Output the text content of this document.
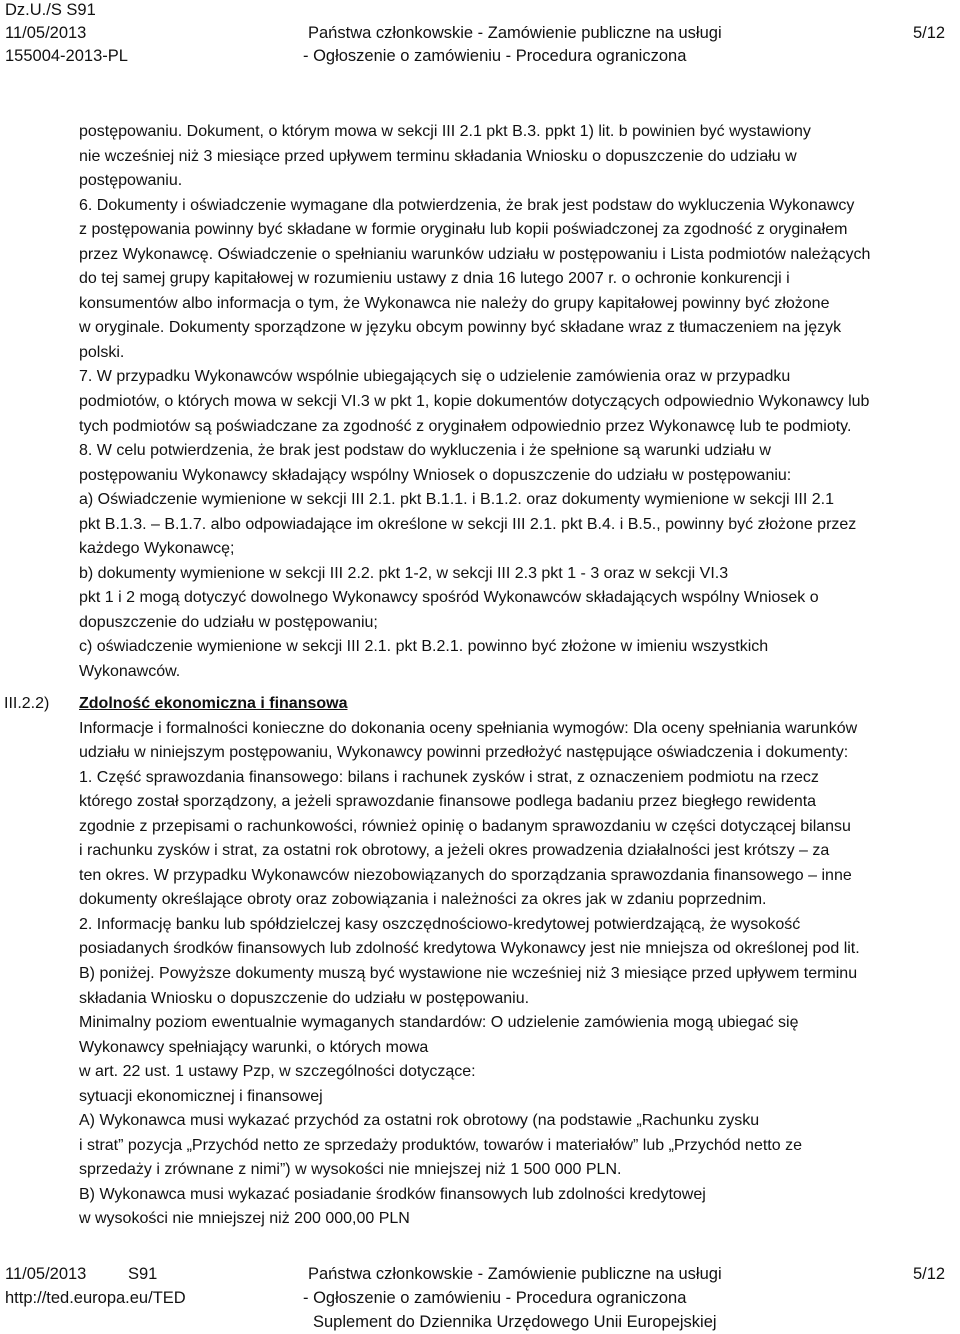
Dz.U./S S91
11/05/2013
155004-2013-PL
Państwa członkowskie - Zamówienie publiczne na usługi
- Ogłoszenie o zamówieniu - Procedura ograniczona
5/12

postępowaniu. Dokument, o którym mowa w sekcji III 2.1 pkt B.3. ppkt 1) lit. b powinien być wystawiony

nie wcześniej niż 3 miesiące przed upływem terminu składania Wniosku o dopuszczenie do udziału w

postępowaniu.

6. Dokumenty i oświadczenie wymagane dla potwierdzenia, że brak jest podstaw do wykluczenia Wykonawcy

z postępowania powinny być składane w formie oryginału lub kopii poświadczonej za zgodność z oryginałem

przez Wykonawcę. Oświadczenie o spełnianiu warunków udziału w postępowaniu i Lista podmiotów należących

do tej samej grupy kapitałowej w rozumieniu ustawy z dnia 16 lutego 2007 r. o ochronie konkurencji i

konsumentów albo informacja o tym, że Wykonawca nie należy do grupy kapitałowej powinny być złożone

w oryginale. Dokumenty sporządzone w języku obcym powinny być składane wraz z tłumaczeniem na język

polski.

7. W przypadku Wykonawców wspólnie ubiegających się o udzielenie zamówienia oraz w przypadku

podmiotów, o których mowa w sekcji VI.3 w pkt 1, kopie dokumentów dotyczących odpowiednio Wykonawcy lub

tych podmiotów są poświadczane za zgodność z oryginałem odpowiednio przez Wykonawcę lub te podmioty.

8. W celu potwierdzenia, że brak jest podstaw do wykluczenia i że spełnione są warunki udziału w

postępowaniu Wykonawcy składający wspólny Wniosek o dopuszczenie do udziału w postępowaniu:

a) Oświadczenie wymienione w sekcji III 2.1. pkt B.1.1. i B.1.2. oraz dokumenty wymienione w sekcji III 2.1

pkt B.1.3. – B.1.7. albo odpowiadające im określone w sekcji III 2.1. pkt B.4. i B.5., powinny być złożone przez

każdego Wykonawcę;

b) dokumenty wymienione w sekcji III 2.2. pkt 1-2, w sekcji III 2.3 pkt 1 - 3 oraz w sekcji VI.3

pkt 1 i 2 mogą dotyczyć dowolnego Wykonawcy spośród Wykonawców składających wspólny Wniosek o

dopuszczenie do udziału w postępowaniu;

c) oświadczenie wymienione w sekcji III 2.1. pkt B.2.1. powinno być złożone w imieniu wszystkich

Wykonawców.

III.2.2) Zdolność ekonomiczna i finansowa

Informacje i formalności konieczne do dokonania oceny spełniania wymogów: Dla oceny spełniania warunków

udziału w niniejszym postępowaniu, Wykonawcy powinni przedłożyć następujące oświadczenia i dokumenty:

1. Część sprawozdania finansowego: bilans i rachunek zysków i strat, z oznaczeniem podmiotu na rzecz

którego został sporządzony, a jeżeli sprawozdanie finansowe podlega badaniu przez biegłego rewidenta

zgodnie z przepisami o rachunkowości, również opinię o badanym sprawozdaniu w części dotyczącej bilansu

i rachunku zysków i strat, za ostatni rok obrotowy, a jeżeli okres prowadzenia działalności jest krótszy – za

ten okres. W przypadku Wykonawców niezobowiązanych do sporządzania sprawozdania finansowego – inne

dokumenty określające obroty oraz zobowiązania i należności za okres jak w zdaniu poprzednim.

2. Informację banku lub spółdzielczej kasy oszczędnościowo-kredytowej potwierdzającą, że wysokość

posiadanych środków finansowych lub zdolność kredytowa Wykonawcy jest nie mniejsza od określonej pod lit.

B) poniżej. Powyższe dokumenty muszą być wystawione nie wcześniej niż 3 miesiące przed upływem terminu

składania Wniosku o dopuszczenie do udziału w postępowaniu.

Minimalny poziom ewentualnie wymaganych standardów: O udzielenie zamówienia mogą ubiegać się

Wykonawcy spełniający warunki, o których mowa

w art. 22 ust. 1 ustawy Pzp, w szczególności dotyczące:

sytuacji ekonomicznej i finansowej

A) Wykonawca musi wykazać przychód za ostatni rok obrotowy (na podstawie „Rachunku zysku

i strat” pozycja „Przychód netto ze sprzedaży produktów, towarów i materiałów” lub „Przychód netto ze

sprzedaży i zrównane z nimi”) w wysokości nie mniejszej niż 1 500 000 PLN.

B) Wykonawca musi wykazać posiadanie środków finansowych lub zdolności kredytowej

w wysokości nie mniejszej niż 200 000,00 PLN

11/05/2013	S91
http://ted.europa.eu/TED
Państwa członkowskie - Zamówienie publiczne na usługi
- Ogłoszenie o zamówieniu - Procedura ograniczona
Suplement do Dziennika Urzędowego Unii Europejskiej
5/12
